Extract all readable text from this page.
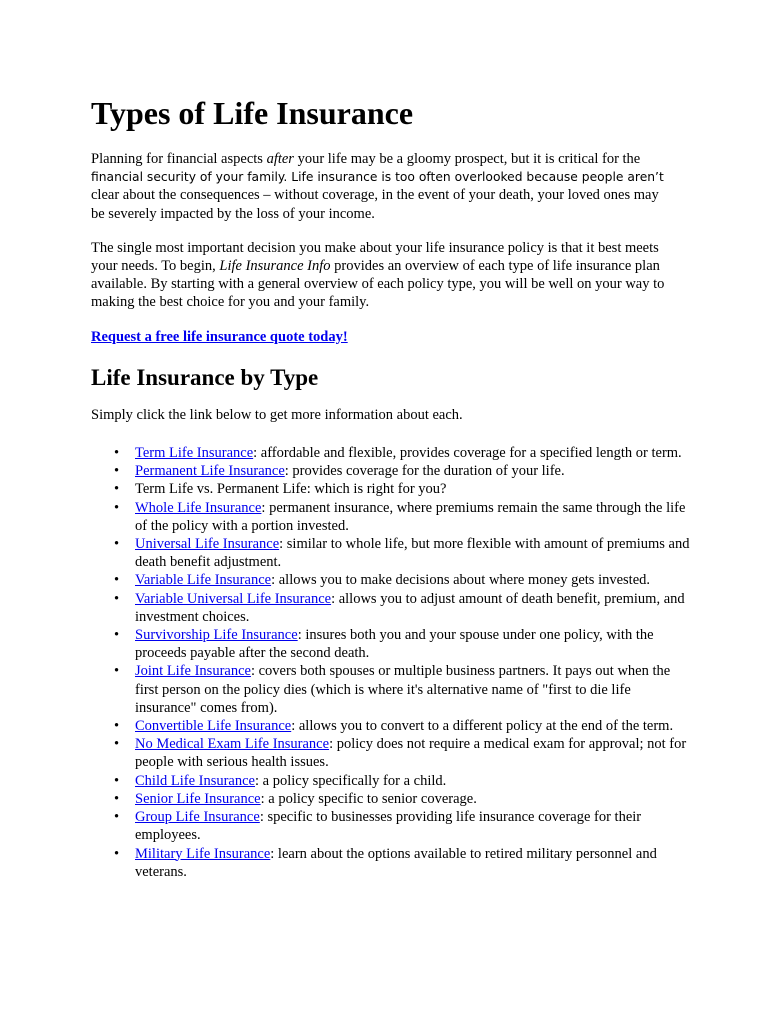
Types of Life Insurance

Planning for financial aspects after your life may be a gloomy prospect, but it is critical for the financial security of your family. Life insurance is too often overlooked because people aren’t clear about the consequences – without coverage, in the event of your death, your loved ones may be severely impacted by the loss of your income.

The single most important decision you make about your life insurance policy is that it best meets your needs. To begin, Life Insurance Info provides an overview of each type of life insurance plan available. By starting with a general overview of each policy type, you will be well on your way to making the best choice for you and your family.

Request a free life insurance quote today!

Life Insurance by Type

Simply click the link below to get more information about each.

• Term Life Insurance: affordable and flexible, provides coverage for a specified length or term.
• Permanent Life Insurance: provides coverage for the duration of your life.
• Term Life vs. Permanent Life: which is right for you?
• Whole Life Insurance: permanent insurance, where premiums remain the same through the life of the policy with a portion invested.
• Universal Life Insurance: similar to whole life, but more flexible with amount of premiums and death benefit adjustment.
• Variable Life Insurance: allows you to make decisions about where money gets invested.
• Variable Universal Life Insurance: allows you to adjust amount of death benefit, premium, and investment choices.
• Survivorship Life Insurance: insures both you and your spouse under one policy, with the proceeds payable after the second death.
• Joint Life Insurance: covers both spouses or multiple business partners. It pays out when the first person on the policy dies (which is where it's alternative name of "first to die life insurance" comes from).
• Convertible Life Insurance: allows you to convert to a different policy at the end of the term.
• No Medical Exam Life Insurance: policy does not require a medical exam for approval; not for people with serious health issues.
• Child Life Insurance: a policy specifically for a child.
• Senior Life Insurance: a policy specific to senior coverage.
• Group Life Insurance: specific to businesses providing life insurance coverage for their employees.
• Military Life Insurance: learn about the options available to retired military personnel and veterans.
